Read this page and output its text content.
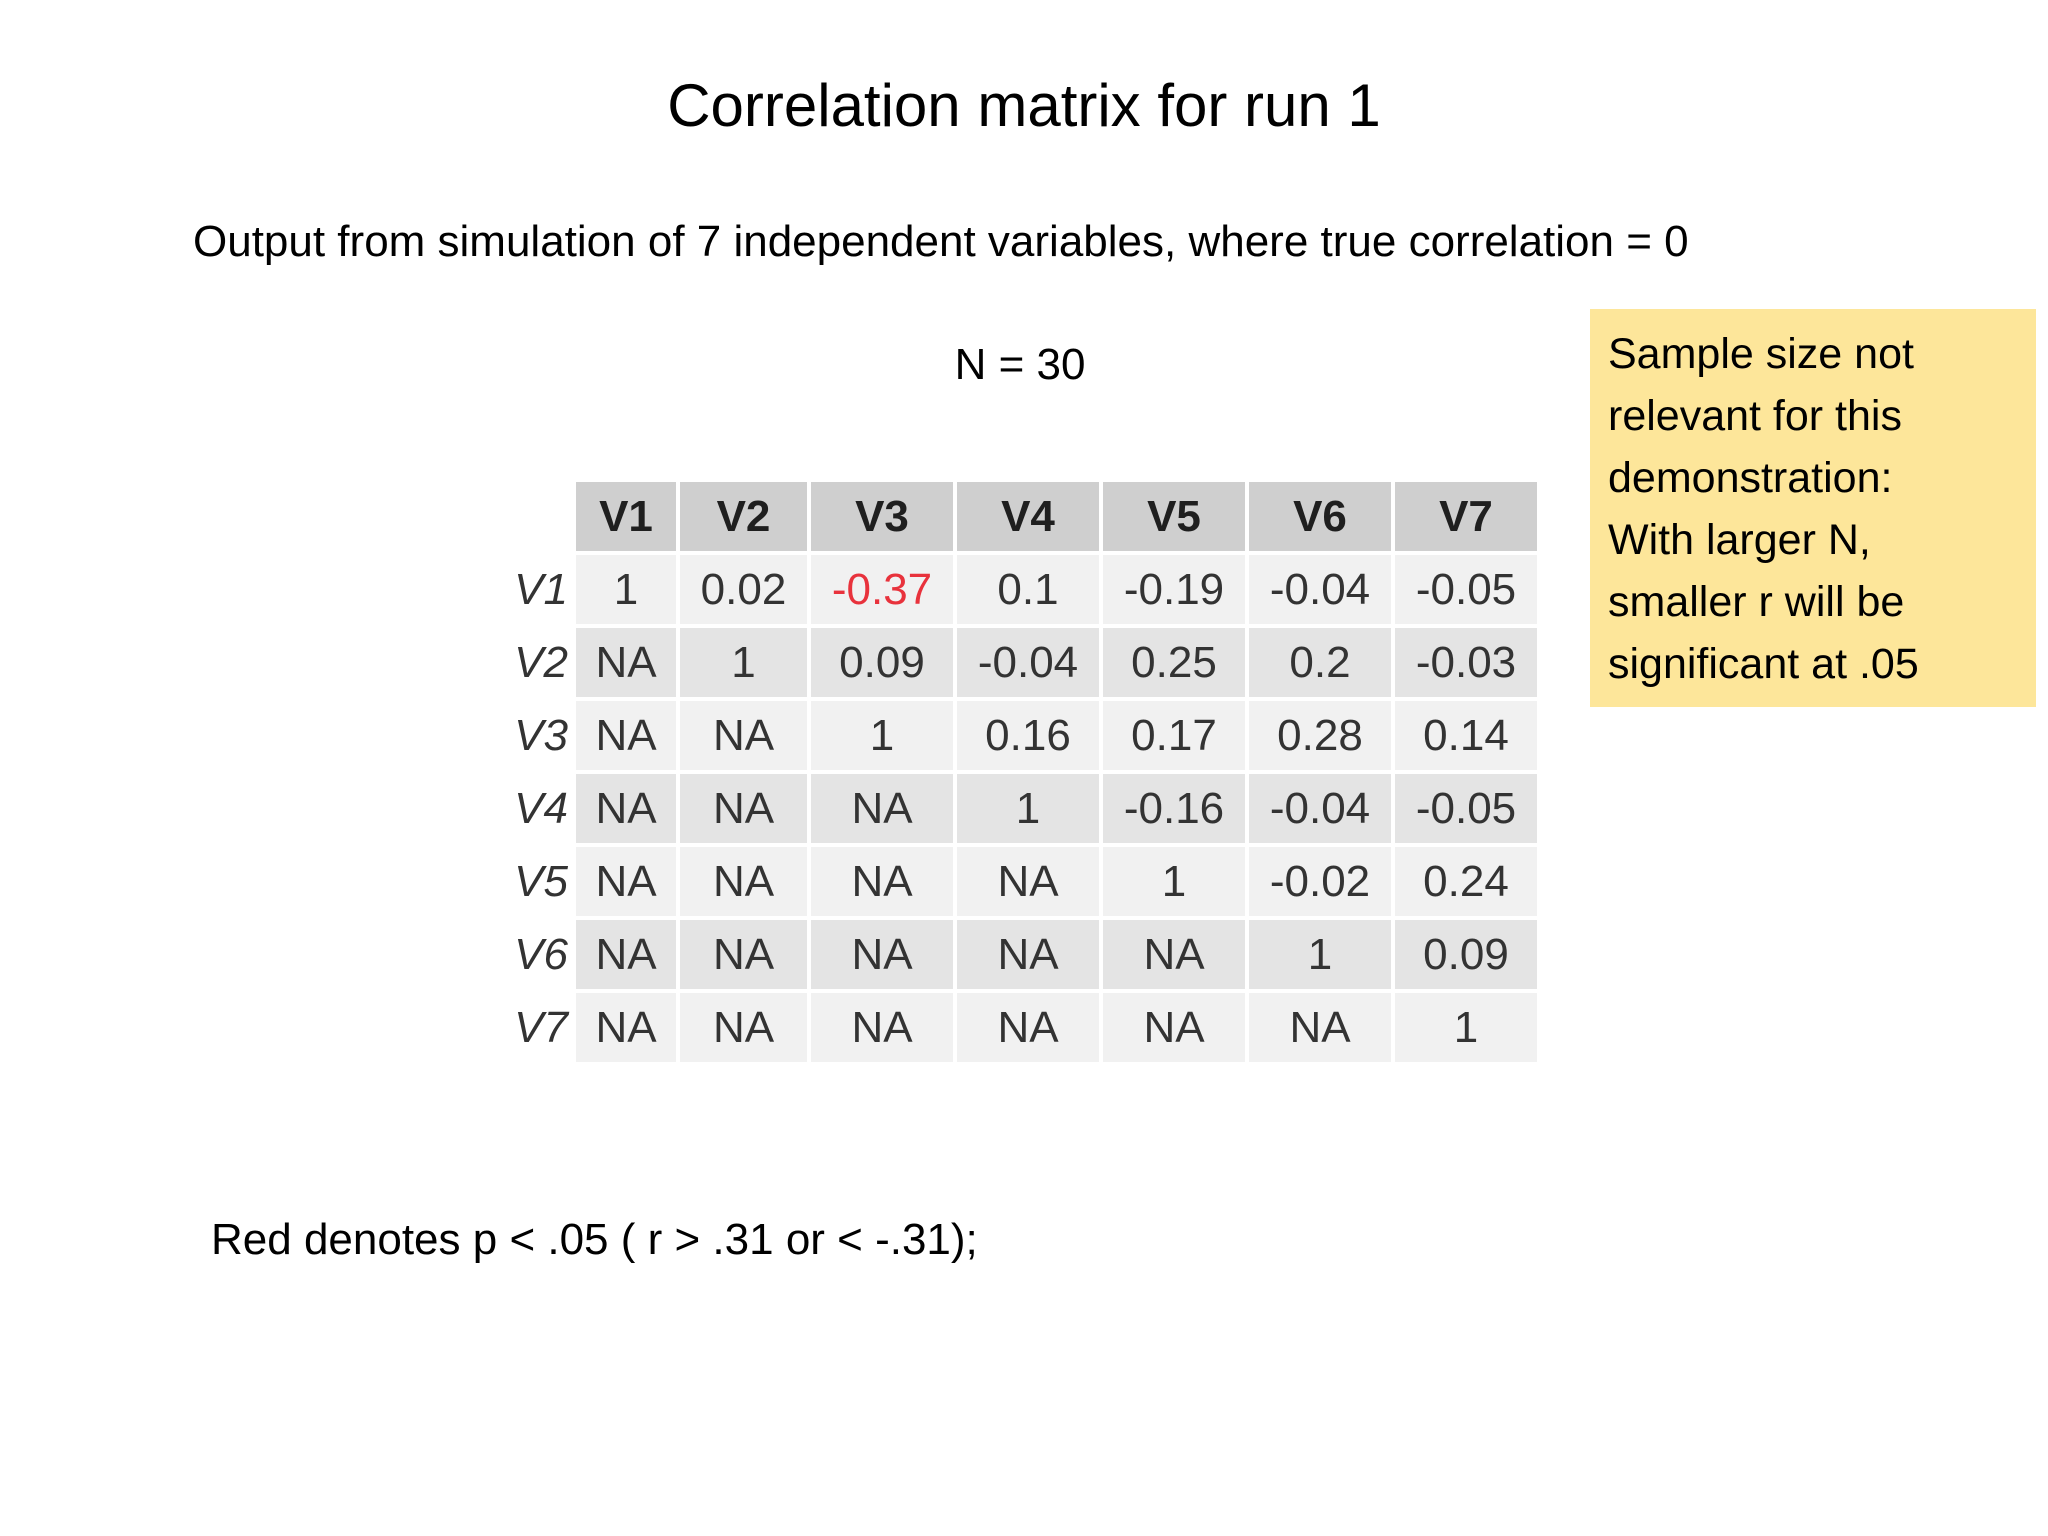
Correlation matrix for run 1
Output from simulation of 7 independent variables, where true correlation = 0
N = 30	Sample size not
relevant for this
demonstration:
With larger N,
smaller r will be
significant at .05
	V1	V2	V3	V4	V5	V6	V7
V1	1	0.02	-0.37	0.1	-0.19	-0.04	-0.05
V2	NA	1	0.09	-0.04	0.25	0.2	-0.03
V3	NA	NA	1	0.16	0.17	0.28	0.14
V4	NA	NA	NA	1	-0.16	-0.04	-0.05
V5	NA	NA	NA	NA	1	-0.02	0.24
V6	NA	NA	NA	NA	NA	1	0.09
V7	NA	NA	NA	NA	NA	NA	1
Red denotes p < .05 ( r > .31 or < -.31);
